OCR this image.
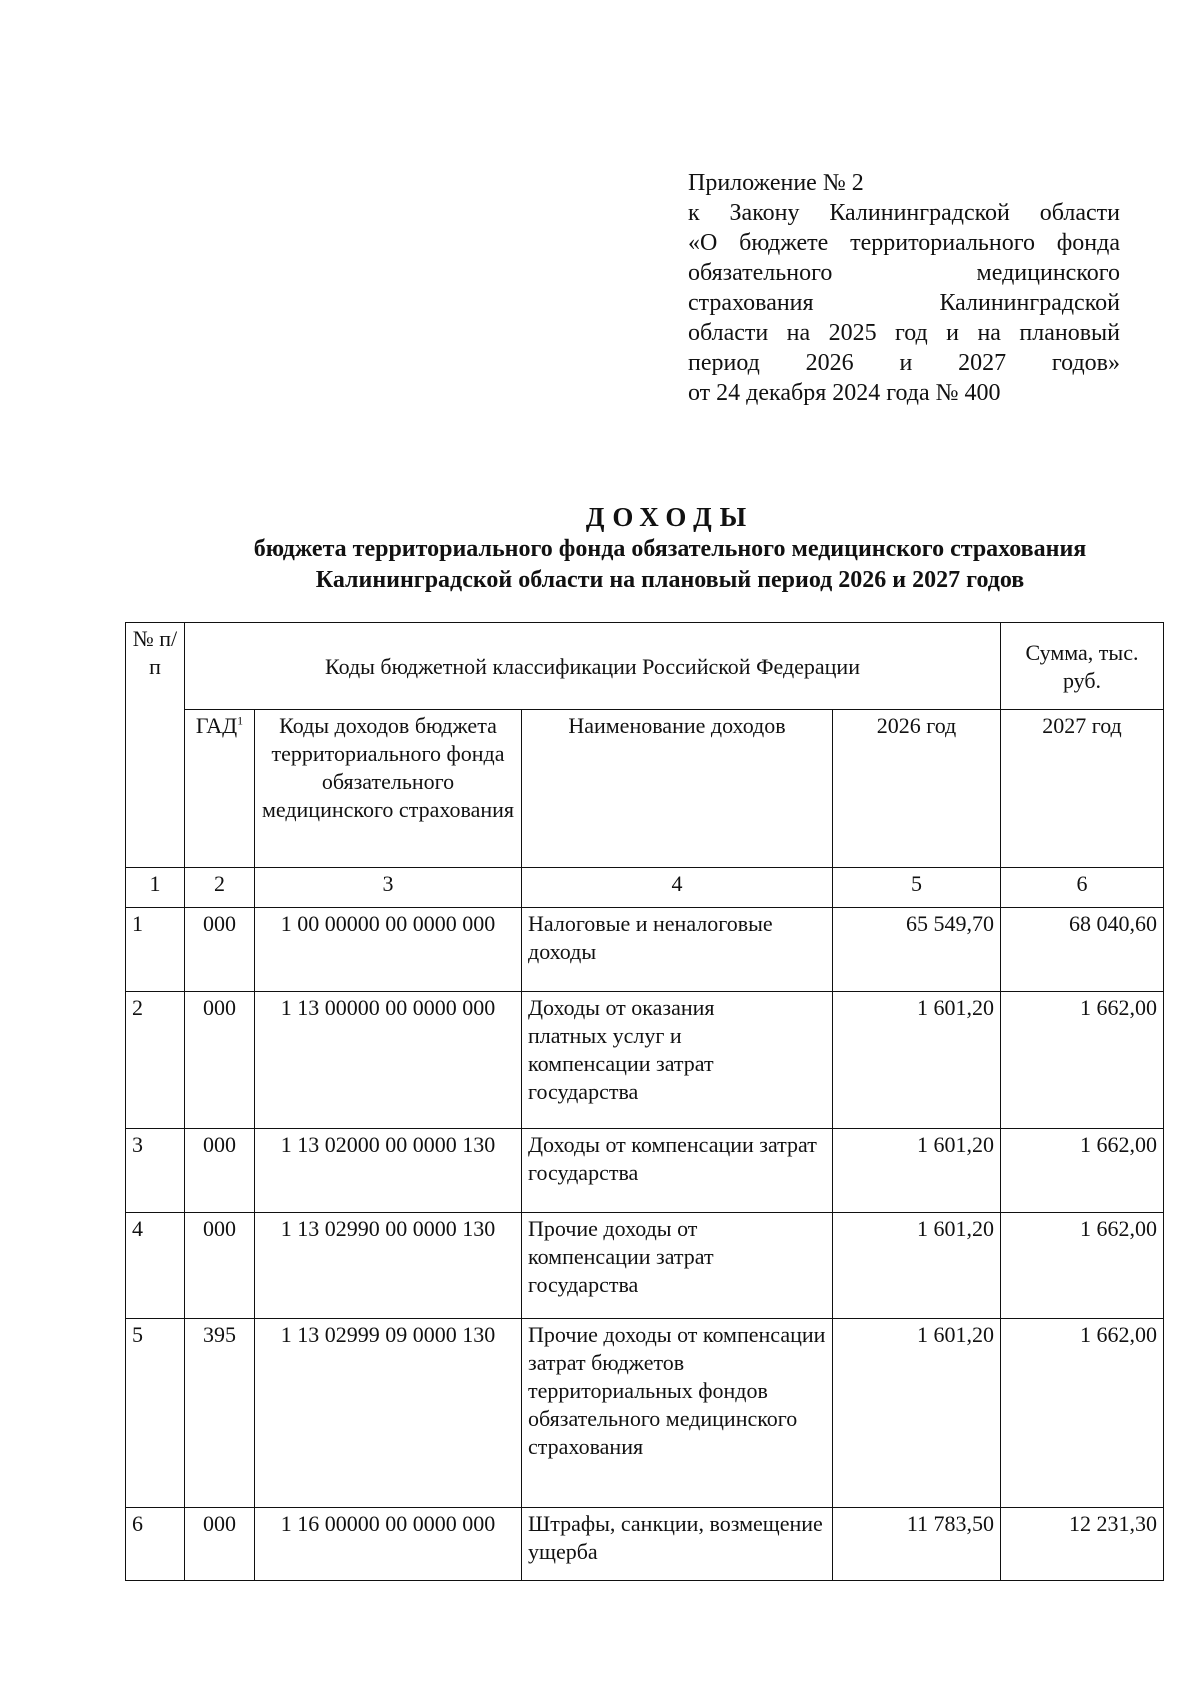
Приложение № 2
к Закону Калининградской области
«О бюджете территориального фонда
обязательного медицинского
страхования Калининградской
области на 2025 год и на плановый
период 2026 и 2027 годов»
от 24 декабря 2024 года № 400
ДОХОДЫ
бюджета территориального фонда обязательного медицинского страхования
Калининградской области на плановый период 2026 и 2027 годов
№ п/п	Коды бюджетной классификации Российской Федерации				Сумма, тыс. руб.
	ГАД$^1$	Коды доходов бюджета территориального фонда обязательного медицинского страхования	Наименование доходов	2026 год	2027 год
1	2	3	4	5	6
1	000	1 00 00000 00 0000 000	Налоговые и неналоговые доходы	65 549,70	68 040,60
2	000	1 13 00000 00 0000 000	Доходы от оказания платных услуг и компенсации затрат государства	1 601,20	1 662,00
3	000	1 13 02000 00 0000 130	Доходы от компенсации затрат государства	1 601,20	1 662,00
4	000	1 13 02990 00 0000 130	Прочие доходы от компенсации затрат государства	1 601,20	1 662,00
5	395	1 13 02999 09 0000 130	Прочие доходы от компенсации затрат бюджетов территориальных фондов обязательного медицинского страхования	1 601,20	1 662,00
6	000	1 16 00000 00 0000 000	Штрафы, санкции, возмещение ущерба	11 783,50	12 231,30
